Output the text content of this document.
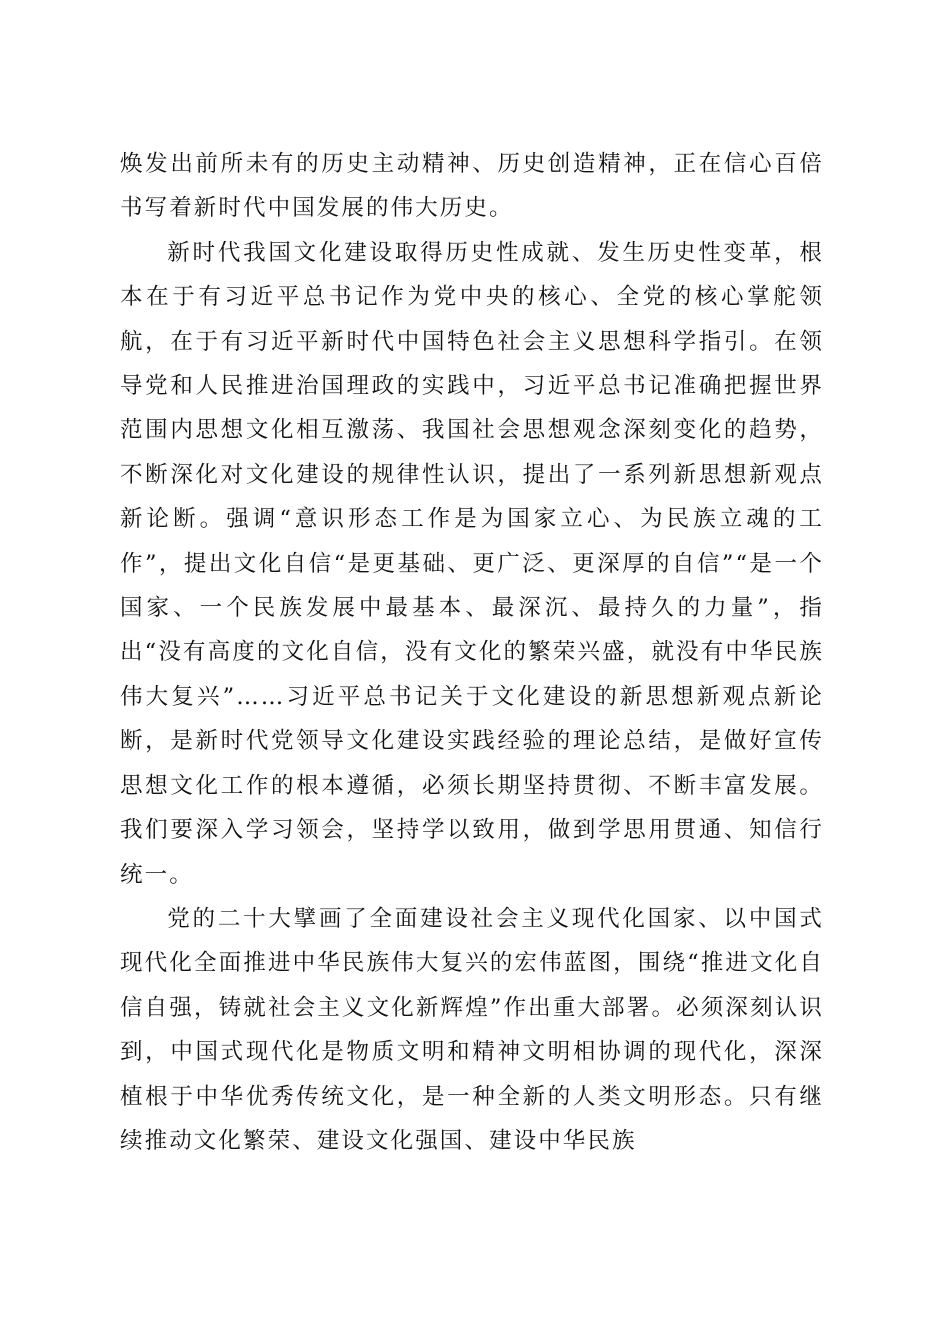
焕发出前所未有的历史主动精神、历史创造精神，正在信心百倍书写着新时代中国发展的伟大历史。

新时代我国文化建设取得历史性成就、发生历史性变革，根本在于有习近平总书记作为党中央的核心、全党的核心掌舵领航，在于有习近平新时代中国特色社会主义思想科学指引。在领导党和人民推进治国理政的实践中，习近平总书记准确把握世界范围内思想文化相互激荡、我国社会思想观念深刻变化的趋势，不断深化对文化建设的规律性认识，提出了一系列新思想新观点新论断。强调“意识形态工作是为国家立心、为民族立魂的工作”，提出文化自信“是更基础、更广泛、更深厚的自信”“是一个国家、一个民族发展中最基本、最深沉、最持久的力量”，指出“没有高度的文化自信，没有文化的繁荣兴盛，就没有中华民族伟大复兴”……习近平总书记关于文化建设的新思想新观点新论断，是新时代党领导文化建设实践经验的理论总结，是做好宣传思想文化工作的根本遵循，必须长期坚持贯彻、不断丰富发展。我们要深入学习领会，坚持学以致用，做到学思用贯通、知信行统一。

党的二十大擘画了全面建设社会主义现代化国家、以中国式现代化全面推进中华民族伟大复兴的宏伟蓝图，围绕“推进文化自信自强，铸就社会主义文化新辉煌”作出重大部署。必须深刻认识到，中国式现代化是物质文明和精神文明相协调的现代化，深深植根于中华优秀传统文化，是一种全新的人类文明形态。只有继续推动文化繁荣、建设文化强国、建设中华民族
